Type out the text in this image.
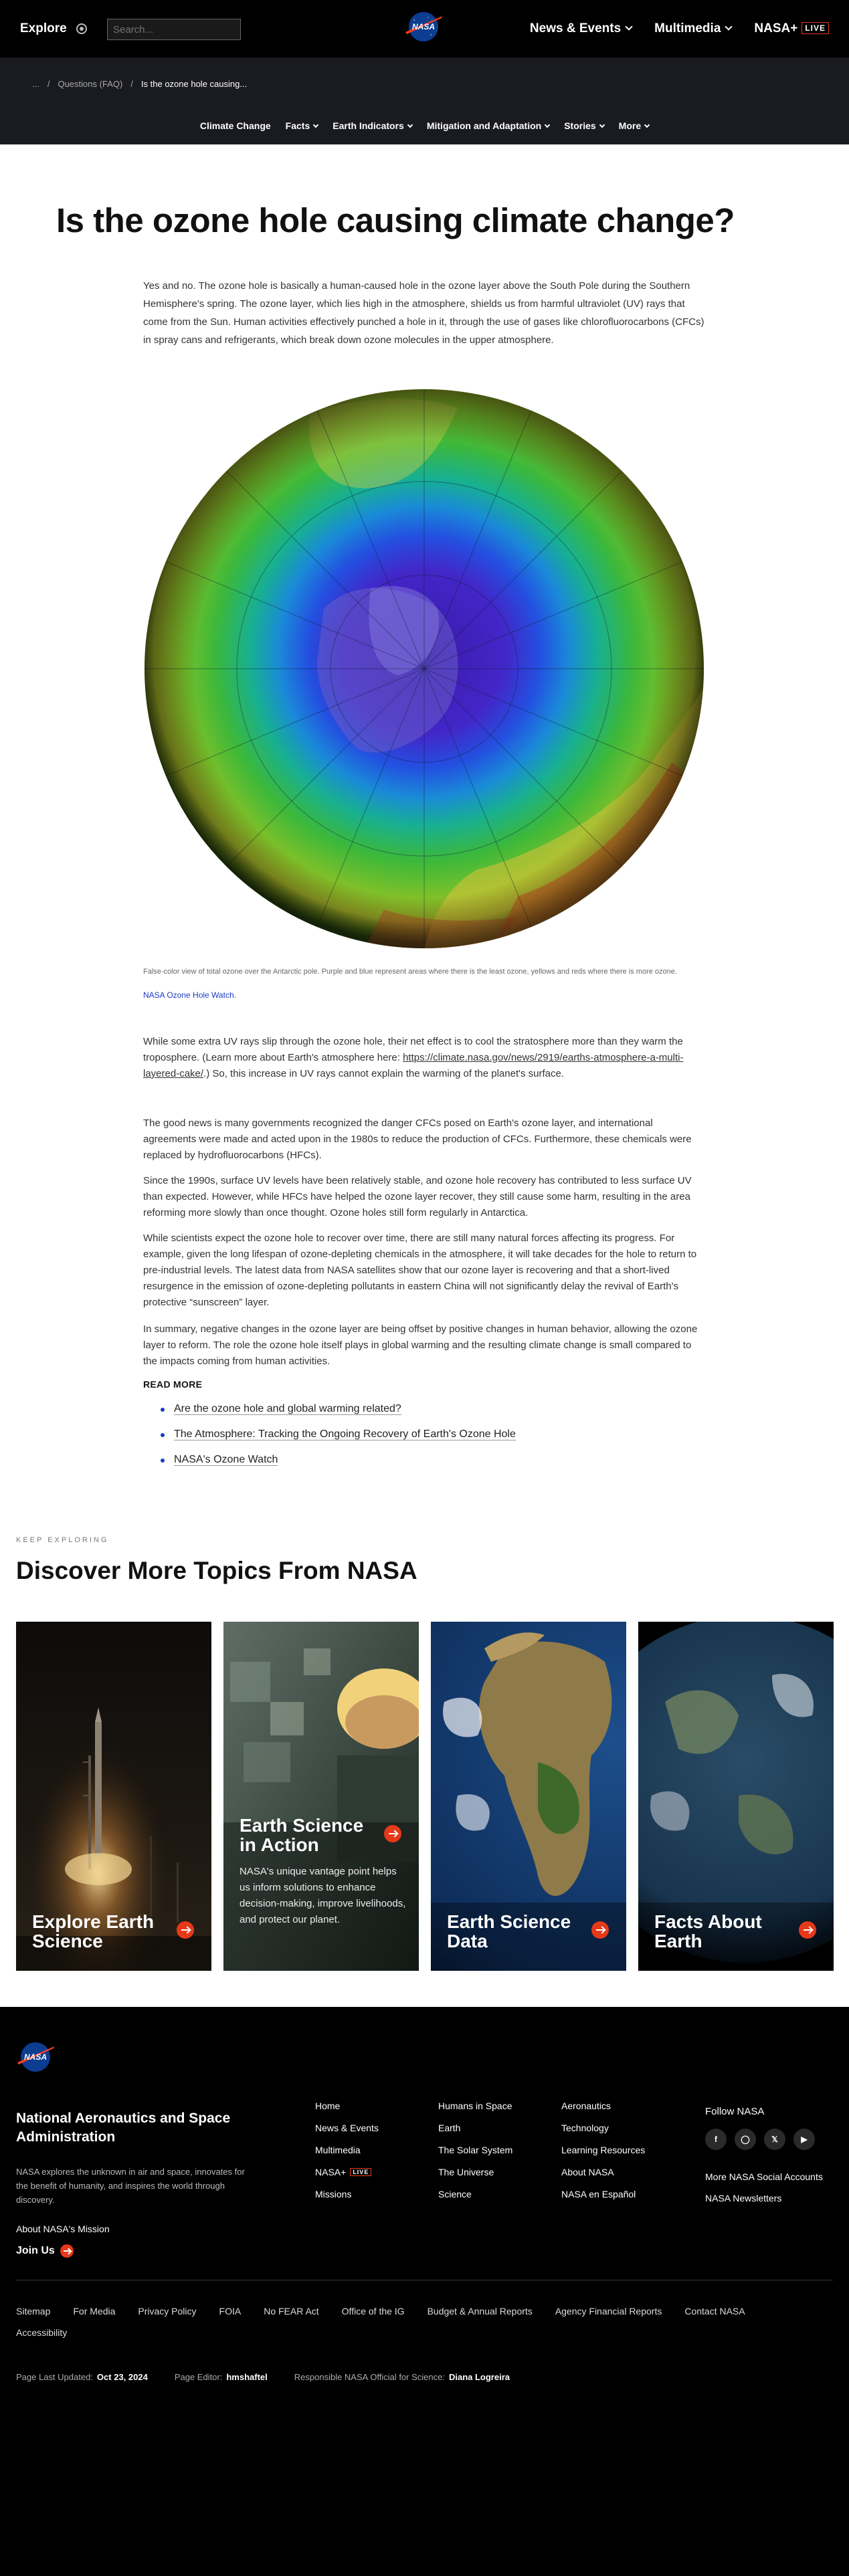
Explore
Search...	NASA	News & Events	Multimedia	NASA+ LIVE
... / Questions (FAQ) / Is the ozone hole causing...
Climate Change Facts	Earth Indicators	Mitigation and Adaptation	Stories	More
Is the ozone hole causing climate change?

Yes and no. The ozone hole is basically a human-caused hole in the ozone layer above the South Pole during the Southern Hemisphere's spring. The ozone layer, which lies high in the atmosphere, shields us from harmful ultraviolet (UV) rays that come from the Sun. Human activities effectively punched a hole in it, through the use of gases like chlorofluorocarbons (CFCs) in spray cans and refrigerants, which break down ozone molecules in the upper atmosphere.

False-color view of total ozone over the Antarctic pole. Purple and blue represent areas where there is the least ozone, yellows and reds where there is more ozone.

NASA Ozone Hole Watch.

While some extra UV rays slip through the ozone hole, their net effect is to cool the stratosphere more than they warm the troposphere. (Learn more about Earth's atmosphere here: https://climate.nasa.gov/news/2919/earths-atmosphere-a-multi-layered-cake/.) So, this increase in UV rays cannot explain the warming of the planet's surface.

The good news is many governments recognized the danger CFCs posed on Earth's ozone layer, and international agreements were made and acted upon in the 1980s to reduce the production of CFCs. Furthermore, these chemicals were replaced by hydrofluorocarbons (HFCs).

Since the 1990s, surface UV levels have been relatively stable, and ozone hole recovery has contributed to less surface UV than expected. However, while HFCs have helped the ozone layer recover, they still cause some harm, resulting in the area reforming more slowly than once thought. Ozone holes still form regularly in Antarctica.

While scientists expect the ozone hole to recover over time, there are still many natural forces affecting its progress. For example, given the long lifespan of ozone-depleting chemicals in the atmosphere, it will take decades for the hole to return to pre-industrial levels. The latest data from NASA satellites show that our ozone layer is recovering and that a short-lived resurgence in the emission of ozone-depleting pollutants in eastern China will not significantly delay the revival of Earth's protective “sunscreen” layer.

In summary, negative changes in the ozone layer are being offset by positive changes in human behavior, allowing the ozone layer to reform. The role the ozone hole itself plays in global warming and the resulting climate change is small compared to the impacts coming from human activities.

READ MORE
Are the ozone hole and global warming related?
The Atmosphere: Tracking the Ongoing Recovery of Earth's Ozone Hole
NASA's Ozone Watch
KEEP EXPLORING
Discover More Topics From NASA
Explore Earth Science
Earth Science in Action
NASA's unique vantage point helps us inform solutions to enhance decision-making, improve livelihoods, and protect our planet.	Earth Science Data
Facts About Earth
NASA
National Aeronautics and Space Administration

NASA explores the unknown in air and space, innovates for the benefit of humanity, and inspires the world through discovery.

About NASA's Mission
Join Us
Home
News & Events
Multimedia
NASA+ LIVE
Missions
Humans in Space
Earth
The Solar System
The Universe
Science
Aeronautics
Technology
Learning Resources
About NASA
NASA en Español
Follow NASA
f	◯	𝕏	▶
More NASA Social Accounts
NASA Newsletters
Sitemap For Media Privacy Policy FOIA No FEAR Act Office of the IG Budget & Annual Reports Agency Financial Reports Contact NASA
Accessibility
Page Last Updated: Oct 23, 2024	Page Editor: hmshaftel	Responsible NASA Official for Science: Diana Logreira
